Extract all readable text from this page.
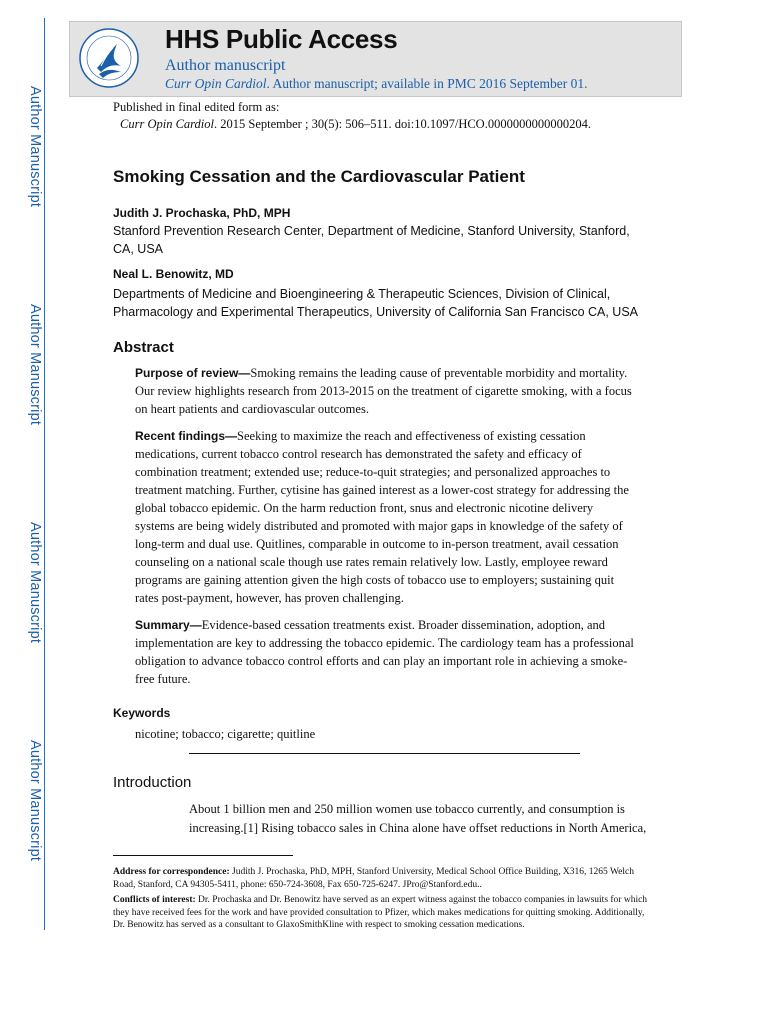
Author Manuscript
Author Manuscript
Author Manuscript
Author Manuscript
HHS Public Access
Author manuscript
Curr Opin Cardiol. Author manuscript; available in PMC 2016 September 01.
Published in final edited form as:
Curr Opin Cardiol. 2015 September ; 30(5): 506–511. doi:10.1097/HCO.0000000000000204.
Smoking Cessation and the Cardiovascular Patient
Judith J. Prochaska, PhD, MPH
Stanford Prevention Research Center, Department of Medicine, Stanford University, Stanford, CA, USA
Neal L. Benowitz, MD
Departments of Medicine and Bioengineering & Therapeutic Sciences, Division of Clinical, Pharmacology and Experimental Therapeutics, University of California San Francisco CA, USA
Abstract
Purpose of review—Smoking remains the leading cause of preventable morbidity and mortality. Our review highlights research from 2013-2015 on the treatment of cigarette smoking, with a focus on heart patients and cardiovascular outcomes.
Recent findings—Seeking to maximize the reach and effectiveness of existing cessation medications, current tobacco control research has demonstrated the safety and efficacy of combination treatment; extended use; reduce-to-quit strategies; and personalized approaches to treatment matching. Further, cytisine has gained interest as a lower-cost strategy for addressing the global tobacco epidemic. On the harm reduction front, snus and electronic nicotine delivery systems are being widely distributed and promoted with major gaps in knowledge of the safety of long-term and dual use. Quitlines, comparable in outcome to in-person treatment, avail cessation counseling on a national scale though use rates remain relatively low. Lastly, employee reward programs are gaining attention given the high costs of tobacco use to employers; sustaining quit rates post-payment, however, has proven challenging.
Summary—Evidence-based cessation treatments exist. Broader dissemination, adoption, and implementation are key to addressing the tobacco epidemic. The cardiology team has a professional obligation to advance tobacco control efforts and can play an important role in achieving a smoke-free future.
Keywords
nicotine; tobacco; cigarette; quitline
Introduction
About 1 billion men and 250 million women use tobacco currently, and consumption is increasing.[1] Rising tobacco sales in China alone have offset reductions in North America,
Address for correspondence: Judith J. Prochaska, PhD, MPH, Stanford University, Medical School Office Building, X316, 1265 Welch Road, Stanford, CA 94305-5411, phone: 650-724-3608, Fax 650-725-6247. JPro@Stanford.edu..
Conflicts of interest: Dr. Prochaska and Dr. Benowitz have served as an expert witness against the tobacco companies in lawsuits for which they have received fees for the work and have provided consultation to Pfizer, which makes medications for quitting smoking. Additionally, Dr. Benowitz has served as a consultant to GlaxoSmithKline with respect to smoking cessation medications.
